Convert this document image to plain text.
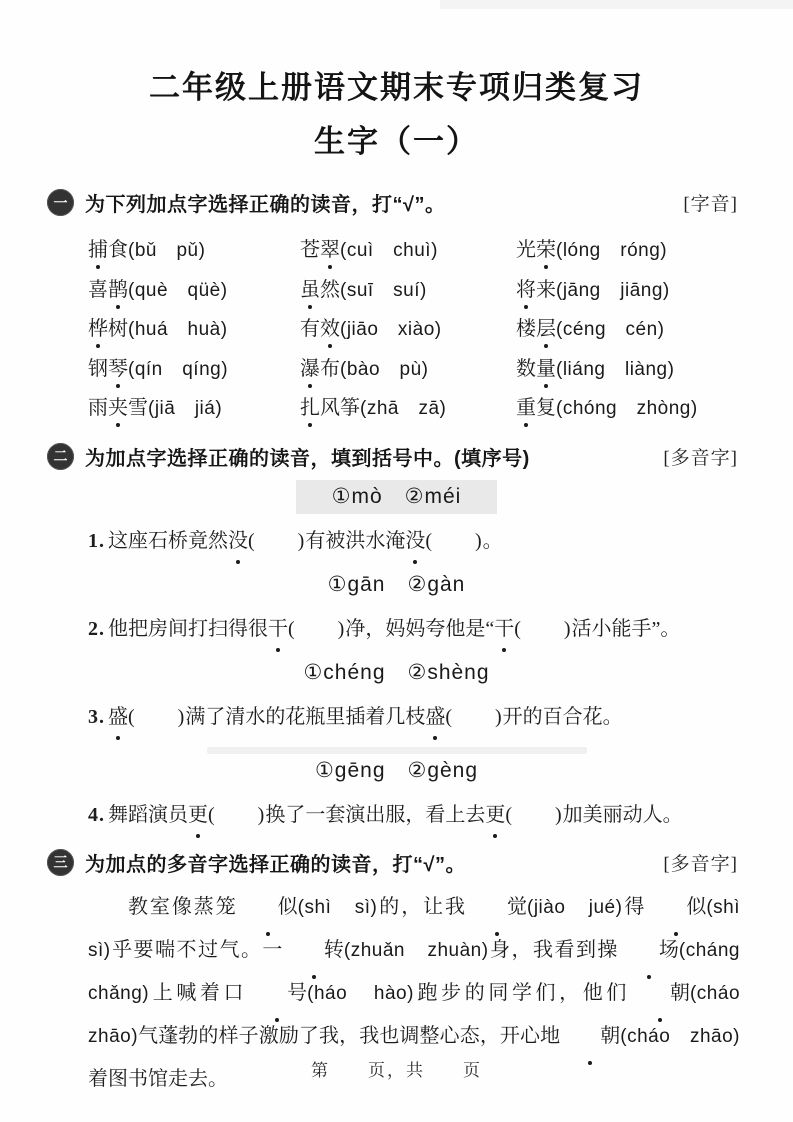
二年级上册语文期末专项归类复习
生字（一）
一 为下列加点字选择正确的读音，打“√”。	[字音]
捕食(bǔ　pǔ)	苍翠(cuì　chuì)	光荣(lóng　róng)
喜鹊(què　qüè)	虽然(suī　suí)	将来(jāng　jiāng)
桦树(huá　huà)	有效(jiāo　xiào)	楼层(céng　cén)
钢琴(qín　qíng)	瀑布(bào　pù)	数量(liáng　liàng)
雨夹雪(jiā　jiá)	扎风筝(zhā　zā)	重复(chóng　zhòng)
二 为加点字选择正确的读音，填到括号中。(填序号)	[多音字]
①mò　②méi
1. 这座石桥竟然没(　　)有被洪水淹没(　　)。
①gān　②gàn
2. 他把房间打扫得很干(　　)净，妈妈夸他是“干(　　)活小能手”。
①chéng　②shèng
3. 盛(　　)满了清水的花瓶里插着几枝盛(　　)开的百合花。
①gēng　②gèng
4. 舞蹈演员更(　　)换了一套演出服，看上去更(　　)加美丽动人。
三 为加点的多音字选择正确的读音，打“√”。	[多音字]
教室像蒸笼 似(shì　sì)的，让我 觉(jiào　jué)得 似(shì　sì)乎要喘不过气。一 转(zhuǎn　zhuàn)身，我看到操 场(cháng　chǎng)上喊着口 号(háo　hào)跑步的同学们，他们 朝(cháo　zhāo)气蓬勃的样子激励了我，我也调整心态，开心地 朝(cháo　zhāo)着图书馆走去。	第　　页，共　　页
